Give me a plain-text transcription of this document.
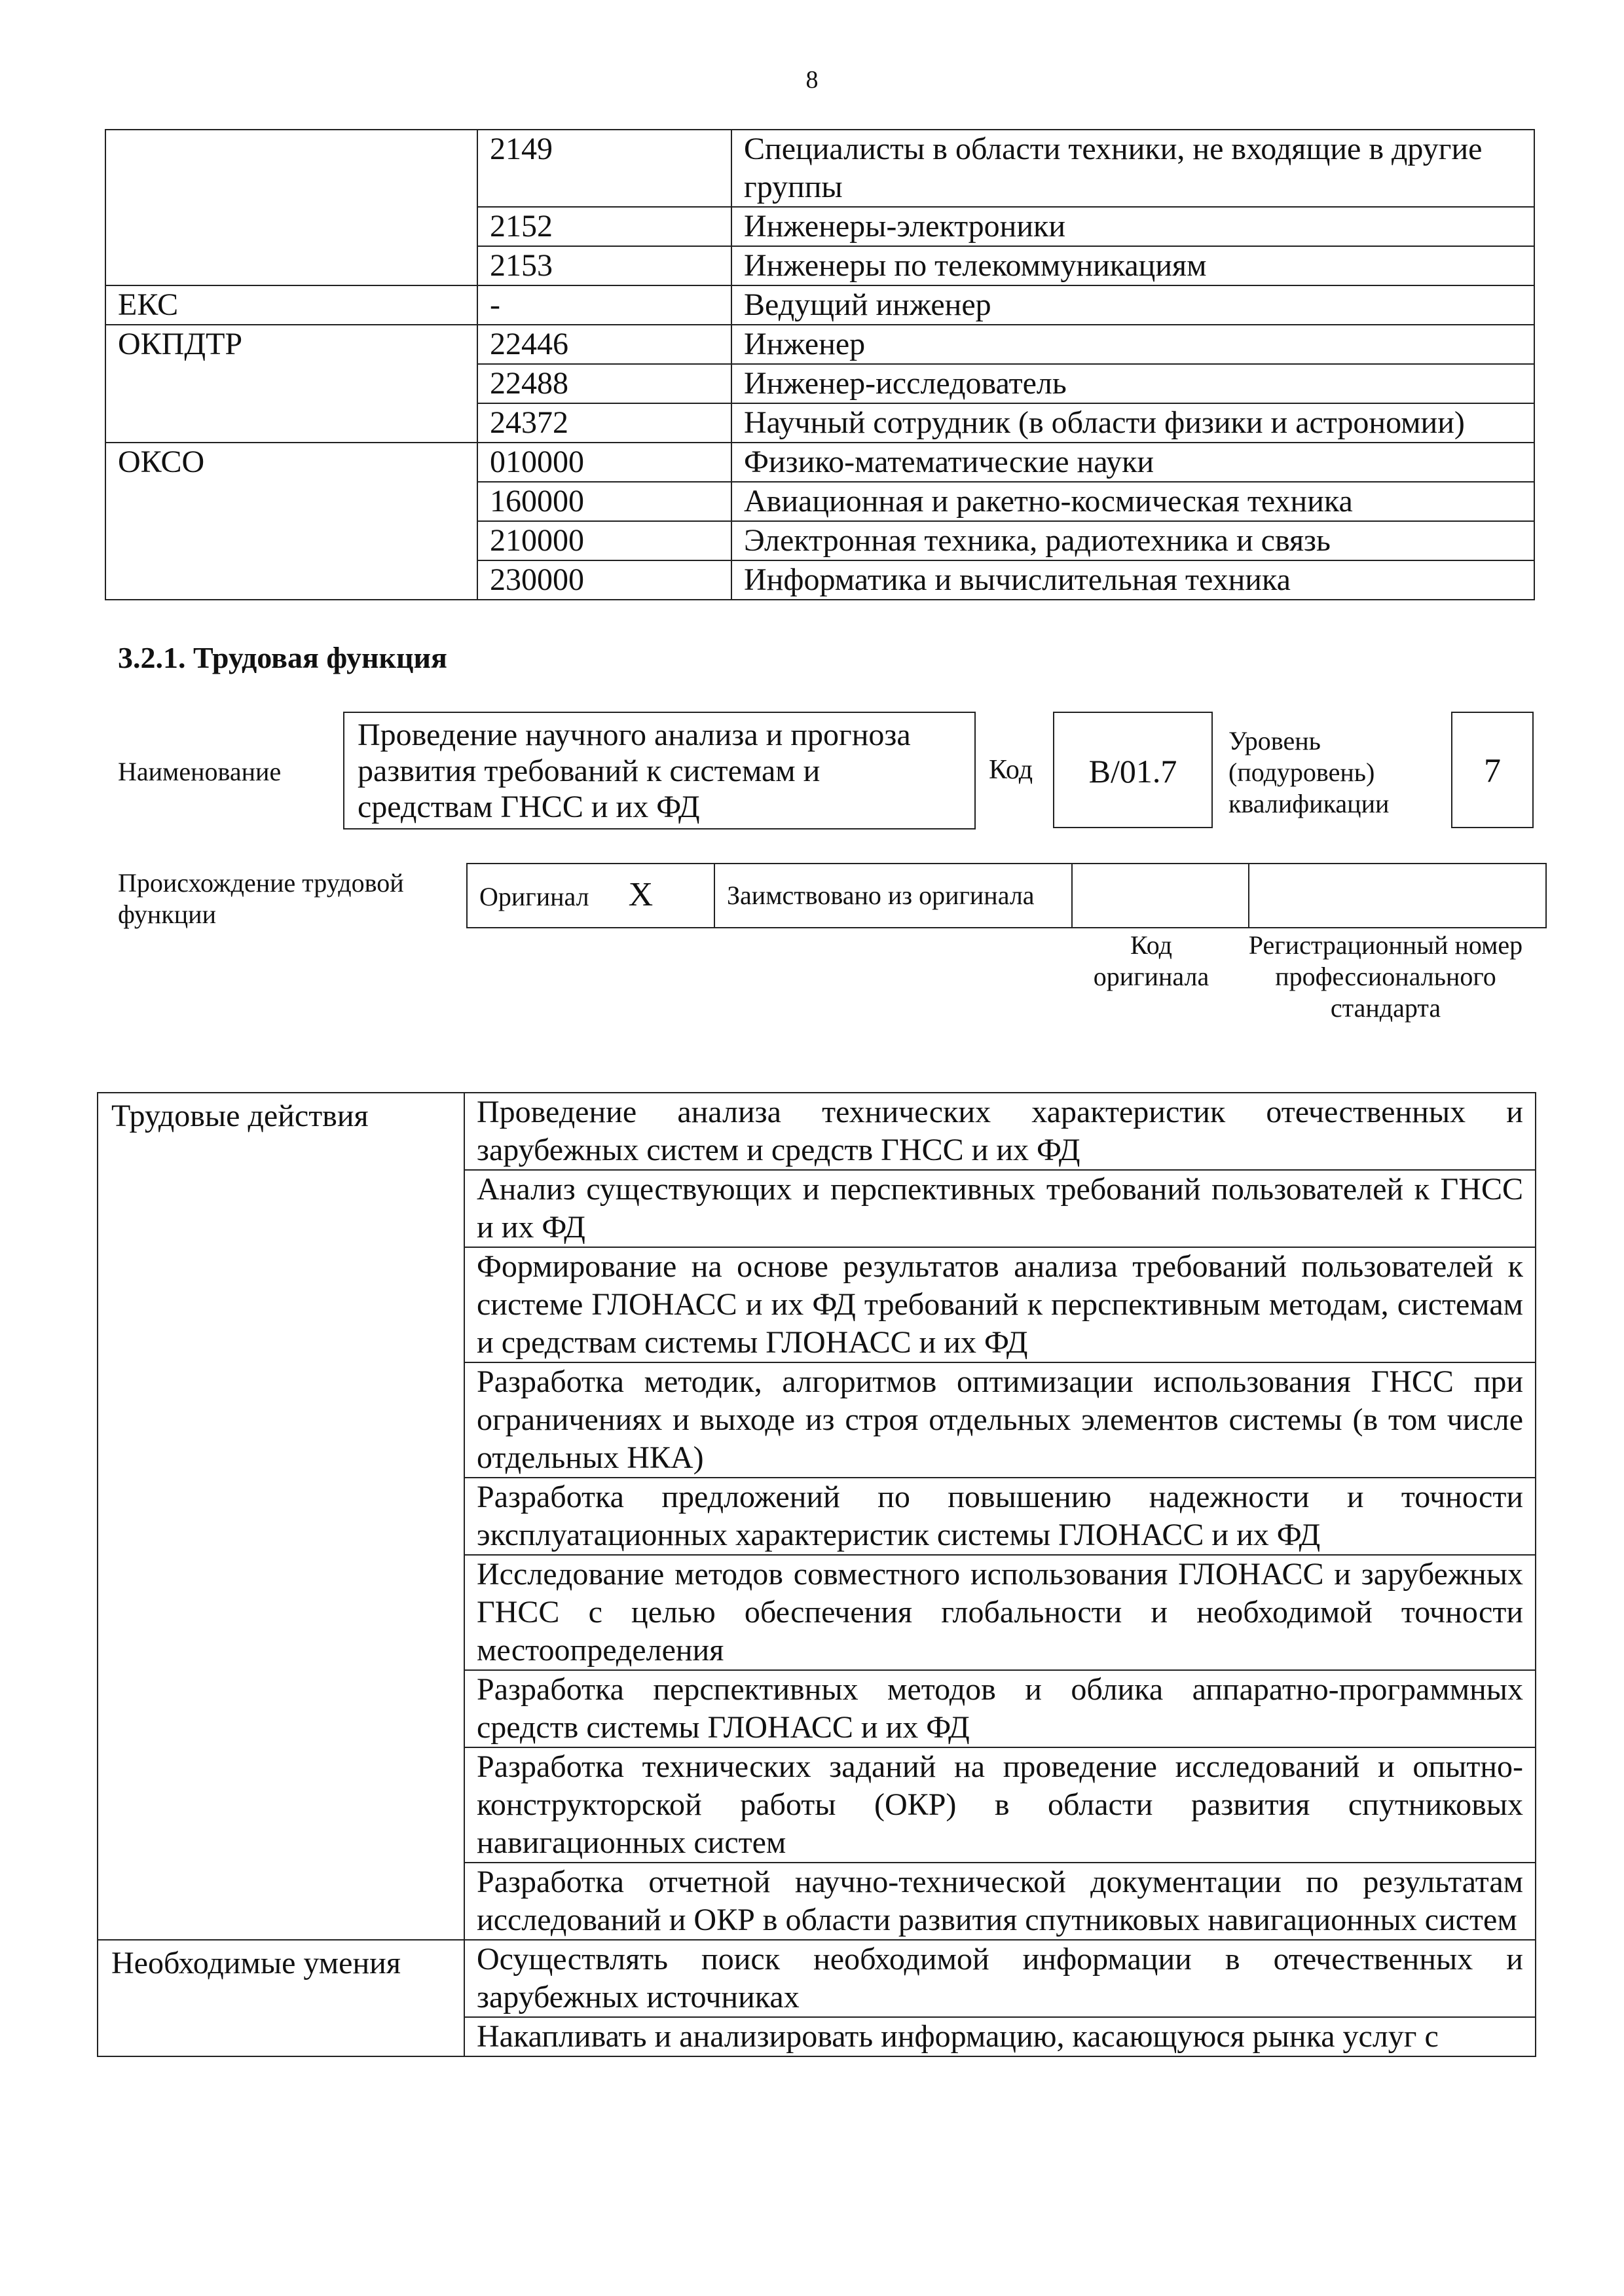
8
	2149	Специалисты в области техники, не входящие в другие группы
	2152	Инженеры-электроники
	2153	Инженеры по телекоммуникациям
ЕКС	-	Ведущий инженер
ОКПДТР	22446	Инженер
	22488	Инженер-исследователь
	24372	Научный сотрудник (в области физики и астрономии)
ОКСО	010000	Физико-математические науки
	160000	Авиационная и ракетно-космическая техника
	210000	Электронная техника, радиотехника и связь
	230000	Информатика и вычислительная техника
3.2.1. Трудовая функция
Наименование
Проведение научного анализа и прогноза развития требований к системам и средствам ГНСС и их ФД
Код	B/01.7
Уровень (подуровень) квалификации
7
Происхождение трудовой функции
Оригинал X	Заимствовано из оригинала		
Код оригинала
Регистрационный номер профессионального стандарта
Трудовые действия	Проведение анализа технических характеристик отечественных и зарубежных систем и средств ГНСС и их ФД
	Анализ существующих и перспективных требований пользователей к ГНСС и их ФД
	Формирование на основе результатов анализа требований пользователей к системе ГЛОНАСС и их ФД требований к перспективным методам, системам и средствам системы ГЛОНАСС и их ФД
	Разработка методик, алгоритмов оптимизации использования ГНСС при ограничениях и выходе из строя отдельных элементов системы (в том числе отдельных НКА)
	Разработка предложений по повышению надежности и точности эксплуатационных характеристик системы ГЛОНАСС и их ФД
	Исследование методов совместного использования ГЛОНАСС и зарубежных ГНСС с целью обеспечения глобальности и необходимой точности местоопределения
	Разработка перспективных методов и облика аппаратно-программных средств системы ГЛОНАСС и их ФД
	Разработка технических заданий на проведение исследований и опытно-конструкторской работы (ОКР) в области развития спутниковых навигационных систем
	Разработка отчетной научно-технической документации по результатам исследований и ОКР в области развития спутниковых навигационных систем
Необходимые умения	Осуществлять поиск необходимой информации в отечественных и зарубежных источниках
	Накапливать и анализировать информацию, касающуюся рынка услуг с
